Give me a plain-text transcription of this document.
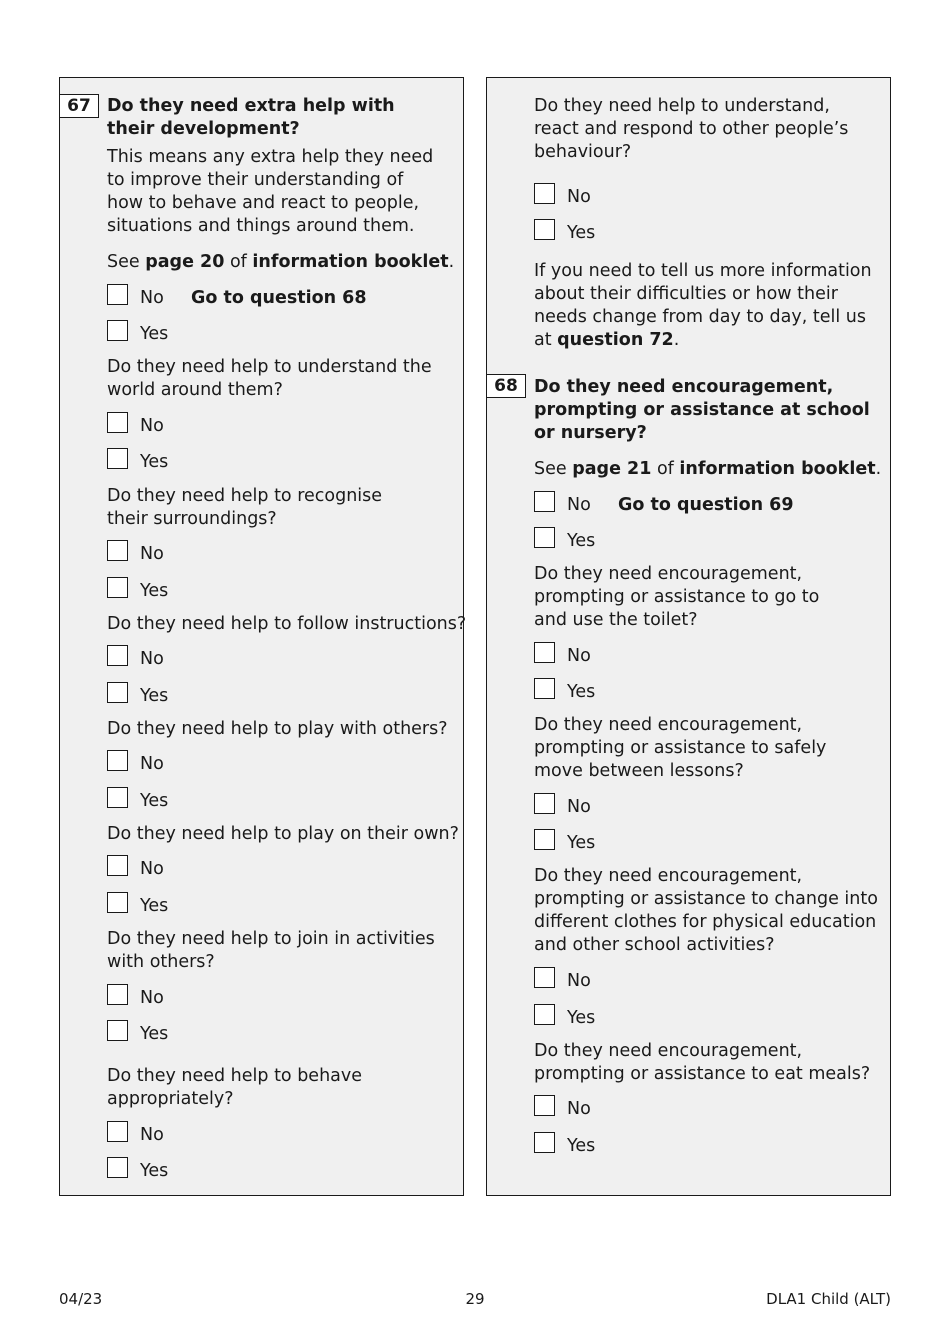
67 Do they need extra help with
their development?
This means any extra help they need
to improve their understanding of
how to behave and react to people,
situations and things around them.
See page 20 of information booklet.
No Go to question 68
Yes
Do they need help to understand the
world around them?
No
Yes
Do they need help to recognise
their surroundings?
No
Yes
Do they need help to follow instructions?
No
Yes
Do they need help to play with others?
No
Yes
Do they need help to play on their own?
No
Yes
Do they need help to join in activities
with others?
No
Yes
Do they need help to behave
appropriately?
No
Yes
Do they need help to understand,
react and respond to other people’s
behaviour?
No
Yes
If you need to tell us more information
about their difficulties or how their
needs change from day to day, tell us
at question 72.
68 Do they need encouragement,
prompting or assistance at school
or nursery?
See page 21 of information booklet.
No Go to question 69
Yes
Do they need encouragement,
prompting or assistance to go to
and use the toilet?
No
Yes
Do they need encouragement,
prompting or assistance to safely
move between lessons?
No
Yes
Do they need encouragement,
prompting or assistance to change into
different clothes for physical education
and other school activities?
No
Yes
Do they need encouragement,
prompting or assistance to eat meals?
No
Yes
04/23	29	DLA1 Child (ALT)
